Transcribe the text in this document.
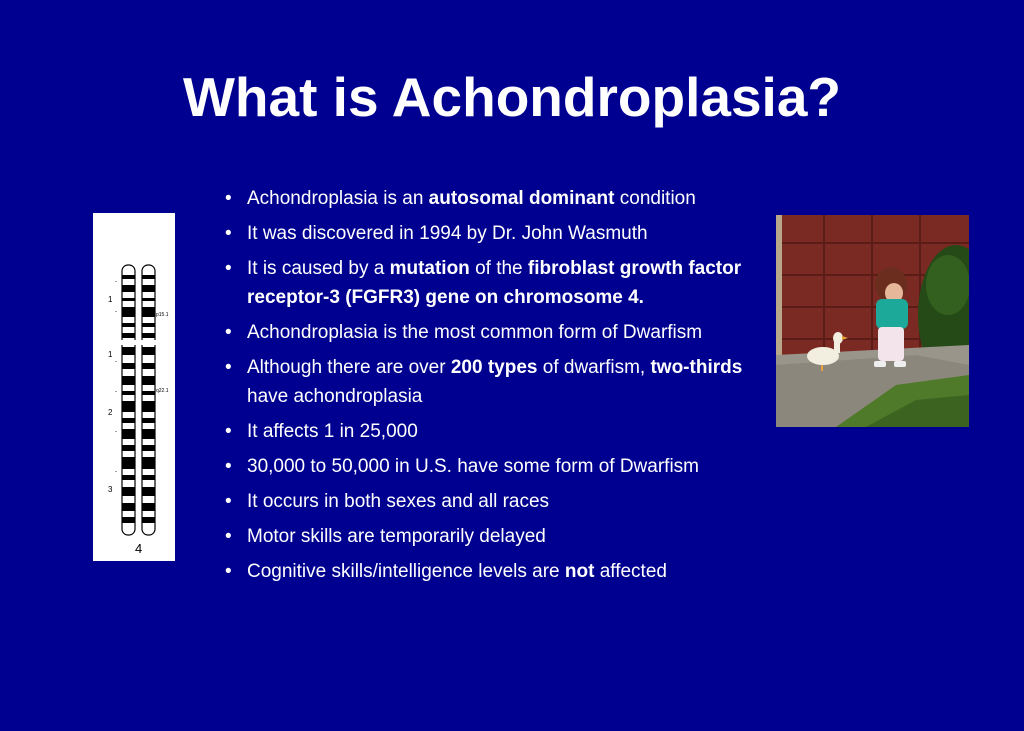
What is Achondroplasia?
-
-
-
-
-
-
1
1
2
3
p15.1
q22.1
4
• Achondroplasia is an autosomal dominant condition
• It was discovered in 1994 by Dr. John Wasmuth
• It is caused by a mutation of the fibroblast growth factor receptor-3 (FGFR3) gene on chromosome 4.
• Achondroplasia is the most common form of Dwarfism
• Although there are over 200 types of dwarfism, two-thirds have achondroplasia
• It affects 1 in 25,000
• 30,000 to 50,000 in U.S. have some form of Dwarfism
• It occurs in both sexes and all races
• Motor skills are temporarily delayed
• Cognitive skills/intelligence levels are not affected
